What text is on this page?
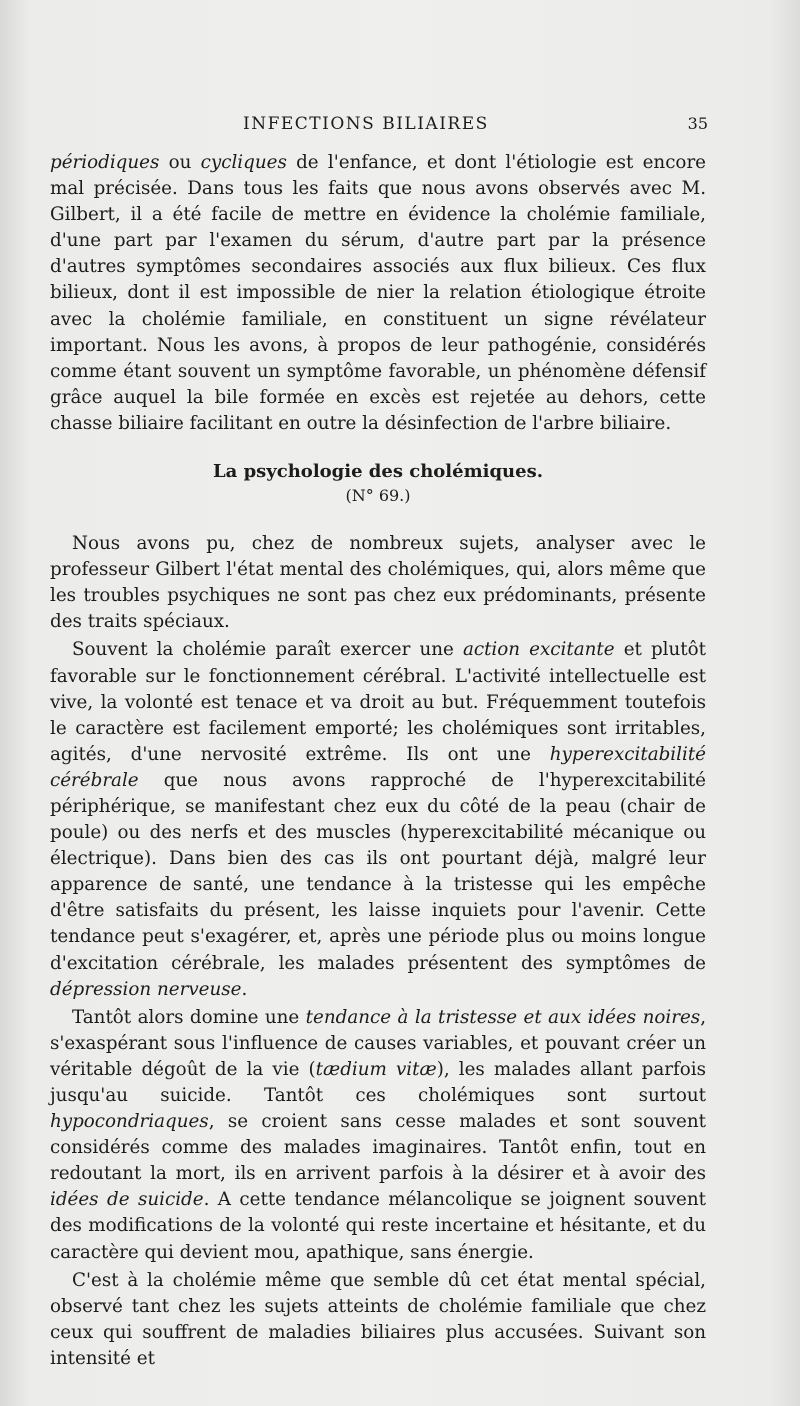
INFECTIONS BILIAIRES	35

périodiques ou cycliques de l'enfance, et dont l'étiologie est encore mal précisée. Dans tous les faits que nous avons observés avec M. Gilbert, il a été facile de mettre en évidence la cholémie familiale, d'une part par l'examen du sérum, d'autre part par la présence d'autres symptômes secondaires associés aux flux bilieux. Ces flux bilieux, dont il est impossible de nier la relation étiologique étroite avec la cholémie familiale, en constituent un signe révélateur important. Nous les avons, à propos de leur pathogénie, considérés comme étant souvent un symptôme favorable, un phénomène défensif grâce auquel la bile formée en excès est rejetée au dehors, cette chasse biliaire facilitant en outre la désinfection de l'arbre biliaire.

La psychologie des cholémiques.

(N° 69.)

Nous avons pu, chez de nombreux sujets, analyser avec le professeur Gilbert l'état mental des cholémiques, qui, alors même que les troubles psychiques ne sont pas chez eux prédominants, présente des traits spéciaux.

Souvent la cholémie paraît exercer une action excitante et plutôt favorable sur le fonctionnement cérébral. L'activité intellectuelle est vive, la volonté est tenace et va droit au but. Fréquemment toutefois le caractère est facilement emporté; les cholémiques sont irritables, agités, d'une nervosité extrême. Ils ont une hyperexcitabilité cérébrale que nous avons rapproché de l'hyperexcitabilité périphérique, se manifestant chez eux du côté de la peau (chair de poule) ou des nerfs et des muscles (hyperexcitabilité mécanique ou électrique). Dans bien des cas ils ont pourtant déjà, malgré leur apparence de santé, une tendance à la tristesse qui les empêche d'être satisfaits du présent, les laisse inquiets pour l'avenir. Cette tendance peut s'exagérer, et, après une période plus ou moins longue d'excitation cérébrale, les malades présentent des symptômes de dépression nerveuse.

Tantôt alors domine une tendance à la tristesse et aux idées noires, s'exaspérant sous l'influence de causes variables, et pouvant créer un véritable dégoût de la vie (tædium vitæ), les malades allant parfois jusqu'au suicide. Tantôt ces cholémiques sont surtout hypocondriaques, se croient sans cesse malades et sont souvent considérés comme des malades imaginaires. Tantôt enfin, tout en redoutant la mort, ils en arrivent parfois à la désirer et à avoir des idées de suicide. A cette tendance mélancolique se joignent souvent des modifications de la volonté qui reste incertaine et hésitante, et du caractère qui devient mou, apathique, sans énergie.

C'est à la cholémie même que semble dû cet état mental spécial, observé tant chez les sujets atteints de cholémie familiale que chez ceux qui souffrent de maladies biliaires plus accusées. Suivant son intensité et
